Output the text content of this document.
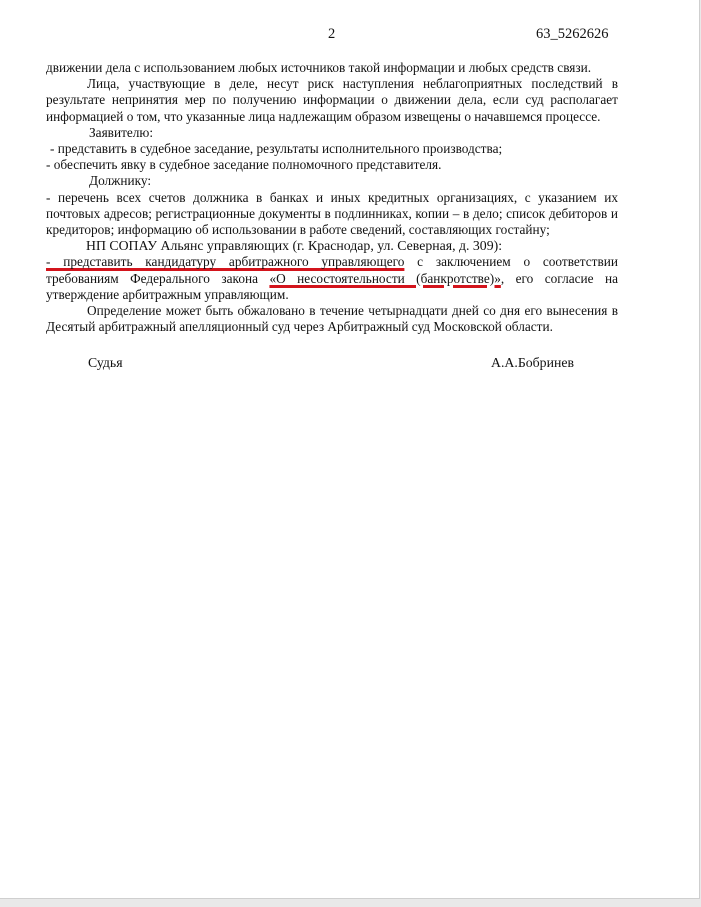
2	63_5262626

движении дела с использованием любых источников такой информации и любых средств связи.

Лица, участвующие в деле, несут риск наступления неблагоприятных последствий в результате непринятия мер по получению информации о движении дела, если суд располагает информацией о том, что указанные лица надлежащим образом извещены о начавшемся процессе.

Заявителю:

- представить в судебное заседание, результаты исполнительного производства;

- обеспечить явку в судебное заседание полномочного представителя.

Должнику:

- перечень всех счетов должника в банках и иных кредитных организациях, с указанием их почтовых адресов; регистрационные документы в подлинниках, копии – в дело; список дебиторов и кредиторов; информацию об использовании в работе сведений, составляющих гостайну;

НП СОПАУ Альянс управляющих (г. Краснодар, ул. Северная, д. 309):

- представить кандидатуру арбитражного управляющего с заключением о соответствии требованиям Федерального закона «О несостоятельности (банкротстве)», его согласие на утверждение арбитражным управляющим.

Определение может быть обжаловано в течение четырнадцати дней со дня его вынесения в Десятый арбитражный апелляционный суд через Арбитражный суд Московской области.

Судья	А.А.Бобринев
